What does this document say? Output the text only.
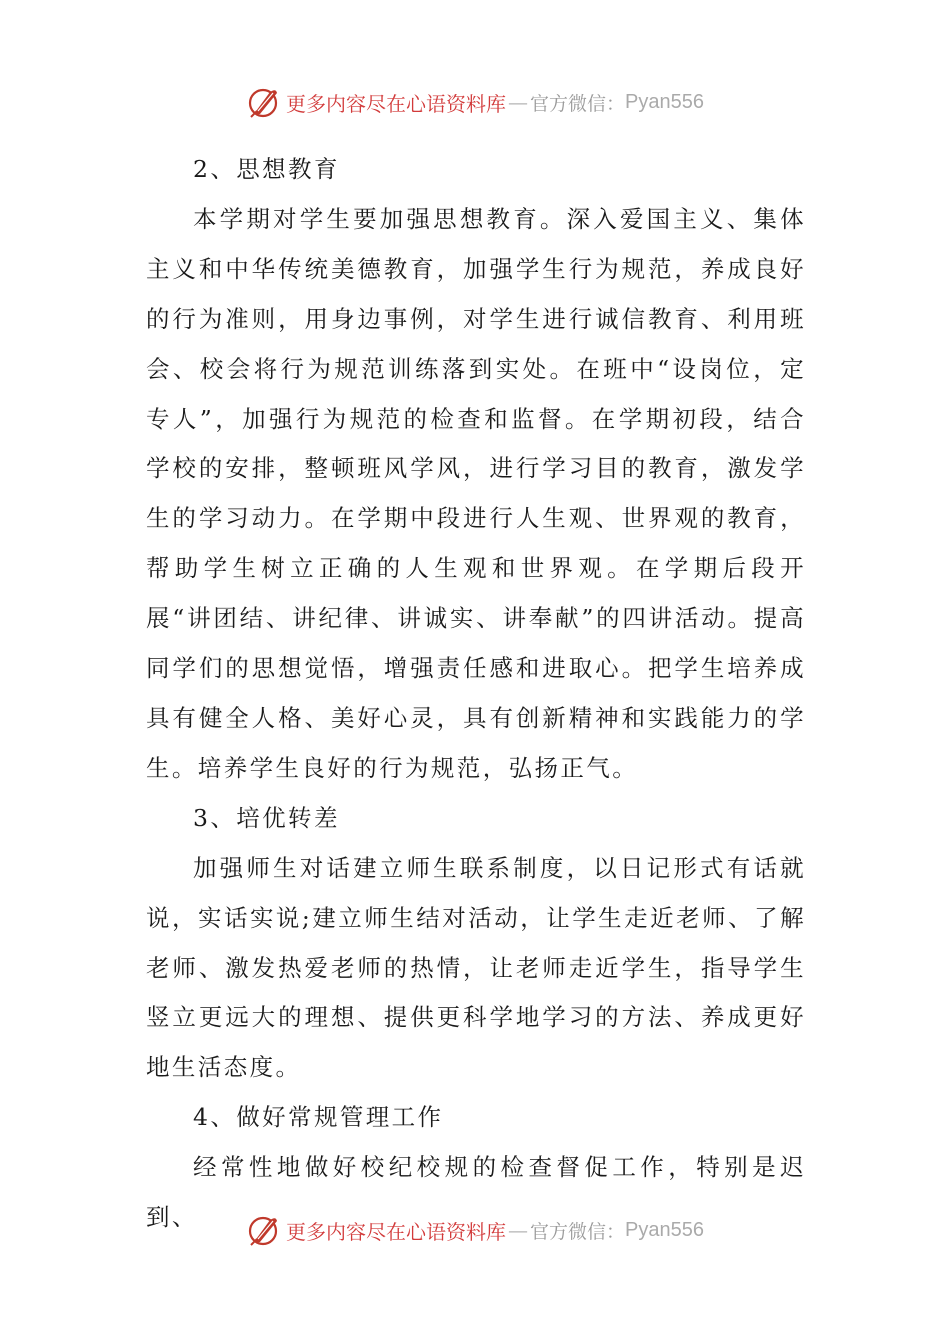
更多内容尽在心语资料库 — 官方微信： Pyan556

2、思想教育

本学期对学生要加强思想教育。深入爱国主义、集体主义和中华传统美德教育，加强学生行为规范，养成良好的行为准则，用身边事例，对学生进行诚信教育、利用班会、校会将行为规范训练落到实处。在班中“设岗位，定专人”，加强行为规范的检查和监督。在学期初段，结合学校的安排，整顿班风学风，进行学习目的教育，激发学生的学习动力。在学期中段进行人生观、世界观的教育，帮助学生树立正确的人生观和世界观。在学期后段开展“讲团结、讲纪律、讲诚实、讲奉献”的四讲活动。提高同学们的思想觉悟，增强责任感和进取心。把学生培养成具有健全人格、美好心灵，具有创新精神和实践能力的学生。培养学生良好的行为规范，弘扬正气。

3、培优转差

加强师生对话建立师生联系制度，以日记形式有话就说，实话实说;建立师生结对活动，让学生走近老师、了解老师、激发热爱老师的热情，让老师走近学生，指导学生竖立更远大的理想、提供更科学地学习的方法、养成更好地生活态度。

4、做好常规管理工作

经常性地做好校纪校规的检查督促工作，特别是迟到、

更多内容尽在心语资料库 — 官方微信： Pyan556
